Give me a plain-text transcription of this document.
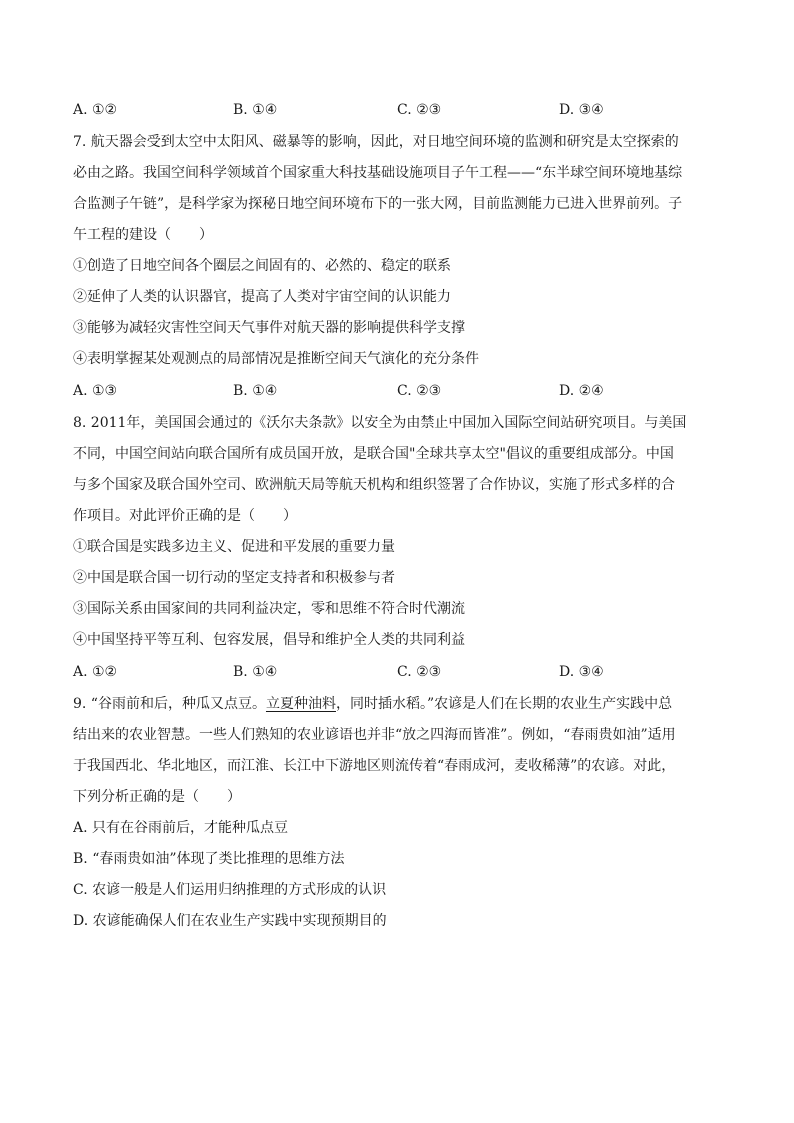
A. ①②	B. ①④	C. ②③	D. ③④
7. 航天器会受到太空中太阳风、磁暴等的影响，因此，对日地空间环境的监测和研究是太空探索的
必由之路。我国空间科学领域首个国家重大科技基础设施项目子午工程——“东半球空间环境地基综
合监测子午链”，是科学家为探秘日地空间环境布下的一张大网，目前监测能力已进入世界前列。子
午工程的建设（　　）
①创造了日地空间各个圈层之间固有的、必然的、稳定的联系
②延伸了人类的认识器官，提高了人类对宇宙空间的认识能力
③能够为减轻灾害性空间天气事件对航天器的影响提供科学支撑
④表明掌握某处观测点的局部情况是推断空间天气演化的充分条件
A. ①③	B. ①④	C. ②③	D. ②④
8. 2011年，美国国会通过的《沃尔夫条款》以安全为由禁止中国加入国际空间站研究项目。与美国
不同，中国空间站向联合国所有成员国开放，是联合国"全球共享太空"倡议的重要组成部分。中国
与多个国家及联合国外空司、欧洲航天局等航天机构和组织签署了合作协议，实施了形式多样的合
作项目。对此评价正确的是（　　）
①联合国是实践多边主义、促进和平发展的重要力量
②中国是联合国一切行动的坚定支持者和积极参与者
③国际关系由国家间的共同利益决定，零和思维不符合时代潮流
④中国坚持平等互利、包容发展，倡导和维护全人类的共同利益
A. ①②	B. ①④	C. ②③	D. ③④
9. “谷雨前和后，种瓜又点豆。立夏种油料，同时插水稻。”农谚是人们在长期的农业生产实践中总
结出来的农业智慧。一些人们熟知的农业谚语也并非“放之四海而皆准”。例如，“春雨贵如油”适用
于我国西北、华北地区，而江淮、长江中下游地区则流传着“春雨成河，麦收稀薄”的农谚。对此，
下列分析正确的是（　　）
A. 只有在谷雨前后，才能种瓜点豆
B. “春雨贵如油”体现了类比推理的思维方法
C. 农谚一般是人们运用归纳推理的方式形成的认识
D. 农谚能确保人们在农业生产实践中实现预期目的
